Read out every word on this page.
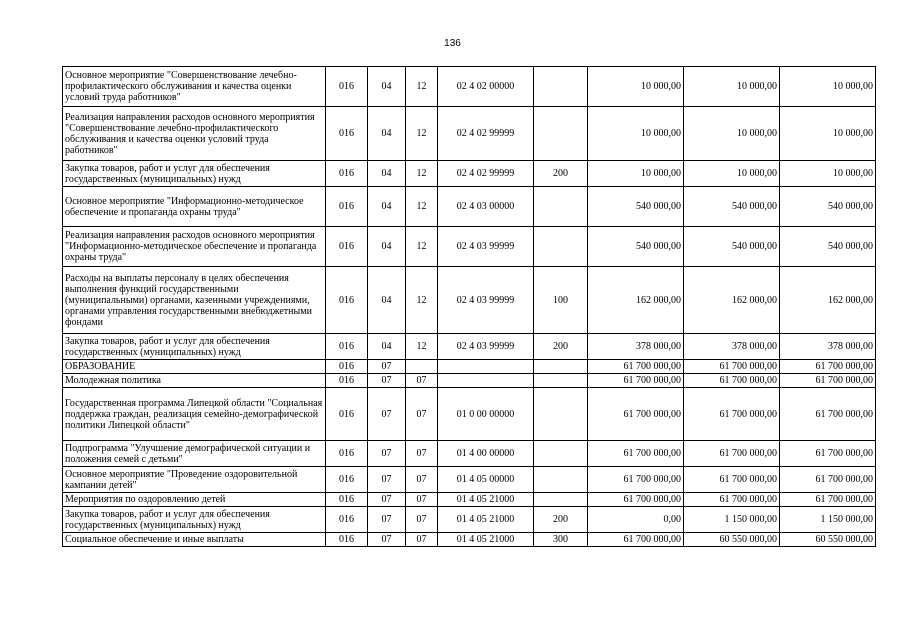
136
Основное мероприятие "Совершенствование лечебно-профилактического обслуживания и качества оценки условий труда работников"	016	04	12	02 4 02 00000		10 000,00	10 000,00	10 000,00
Реализация направления расходов основного мероприятия "Совершенствование лечебно-профилактического обслуживания и качества оценки условий труда работников"	016	04	12	02 4 02 99999		10 000,00	10 000,00	10 000,00
Закупка товаров, работ и услуг для обеспечения государственных (муниципальных) нужд	016	04	12	02 4 02 99999	200	10 000,00	10 000,00	10 000,00
Основное мероприятие "Информационно-методическое обеспечение и пропаганда охраны труда"	016	04	12	02 4 03 00000		540 000,00	540 000,00	540 000,00
Реализация направления расходов основного мероприятия "Информационно-методическое обеспечение и пропаганда охраны труда"	016	04	12	02 4 03 99999		540 000,00	540 000,00	540 000,00
Расходы на выплаты персоналу в целях обеспечения выполнения функций государственными (муниципальными) органами, казенными учреждениями, органами управления государственными внебюджетными фондами	016	04	12	02 4 03 99999	100	162 000,00	162 000,00	162 000,00
Закупка товаров, работ и услуг для обеспечения государственных (муниципальных) нужд	016	04	12	02 4 03 99999	200	378 000,00	378 000,00	378 000,00
ОБРАЗОВАНИЕ	016	07				61 700 000,00	61 700 000,00	61 700 000,00
Молодежная политика	016	07	07			61 700 000,00	61 700 000,00	61 700 000,00
Государственная программа Липецкой области "Социальная поддержка граждан, реализация семейно-демографической политики Липецкой области"	016	07	07	01 0 00 00000		61 700 000,00	61 700 000,00	61 700 000,00
Подпрограмма "Улучшение демографической ситуации и положения семей с детьми"	016	07	07	01 4 00 00000		61 700 000,00	61 700 000,00	61 700 000,00
Основное мероприятие "Проведение оздоровительной кампании детей"	016	07	07	01 4 05 00000		61 700 000,00	61 700 000,00	61 700 000,00
Мероприятия по оздоровлению детей	016	07	07	01 4 05 21000		61 700 000,00	61 700 000,00	61 700 000,00
Закупка товаров, работ и услуг для обеспечения государственных (муниципальных) нужд	016	07	07	01 4 05 21000	200	0,00	1 150 000,00	1 150 000,00
Социальное обеспечение и иные выплаты	016	07	07	01 4 05 21000	300	61 700 000,00	60 550 000,00	60 550 000,00
